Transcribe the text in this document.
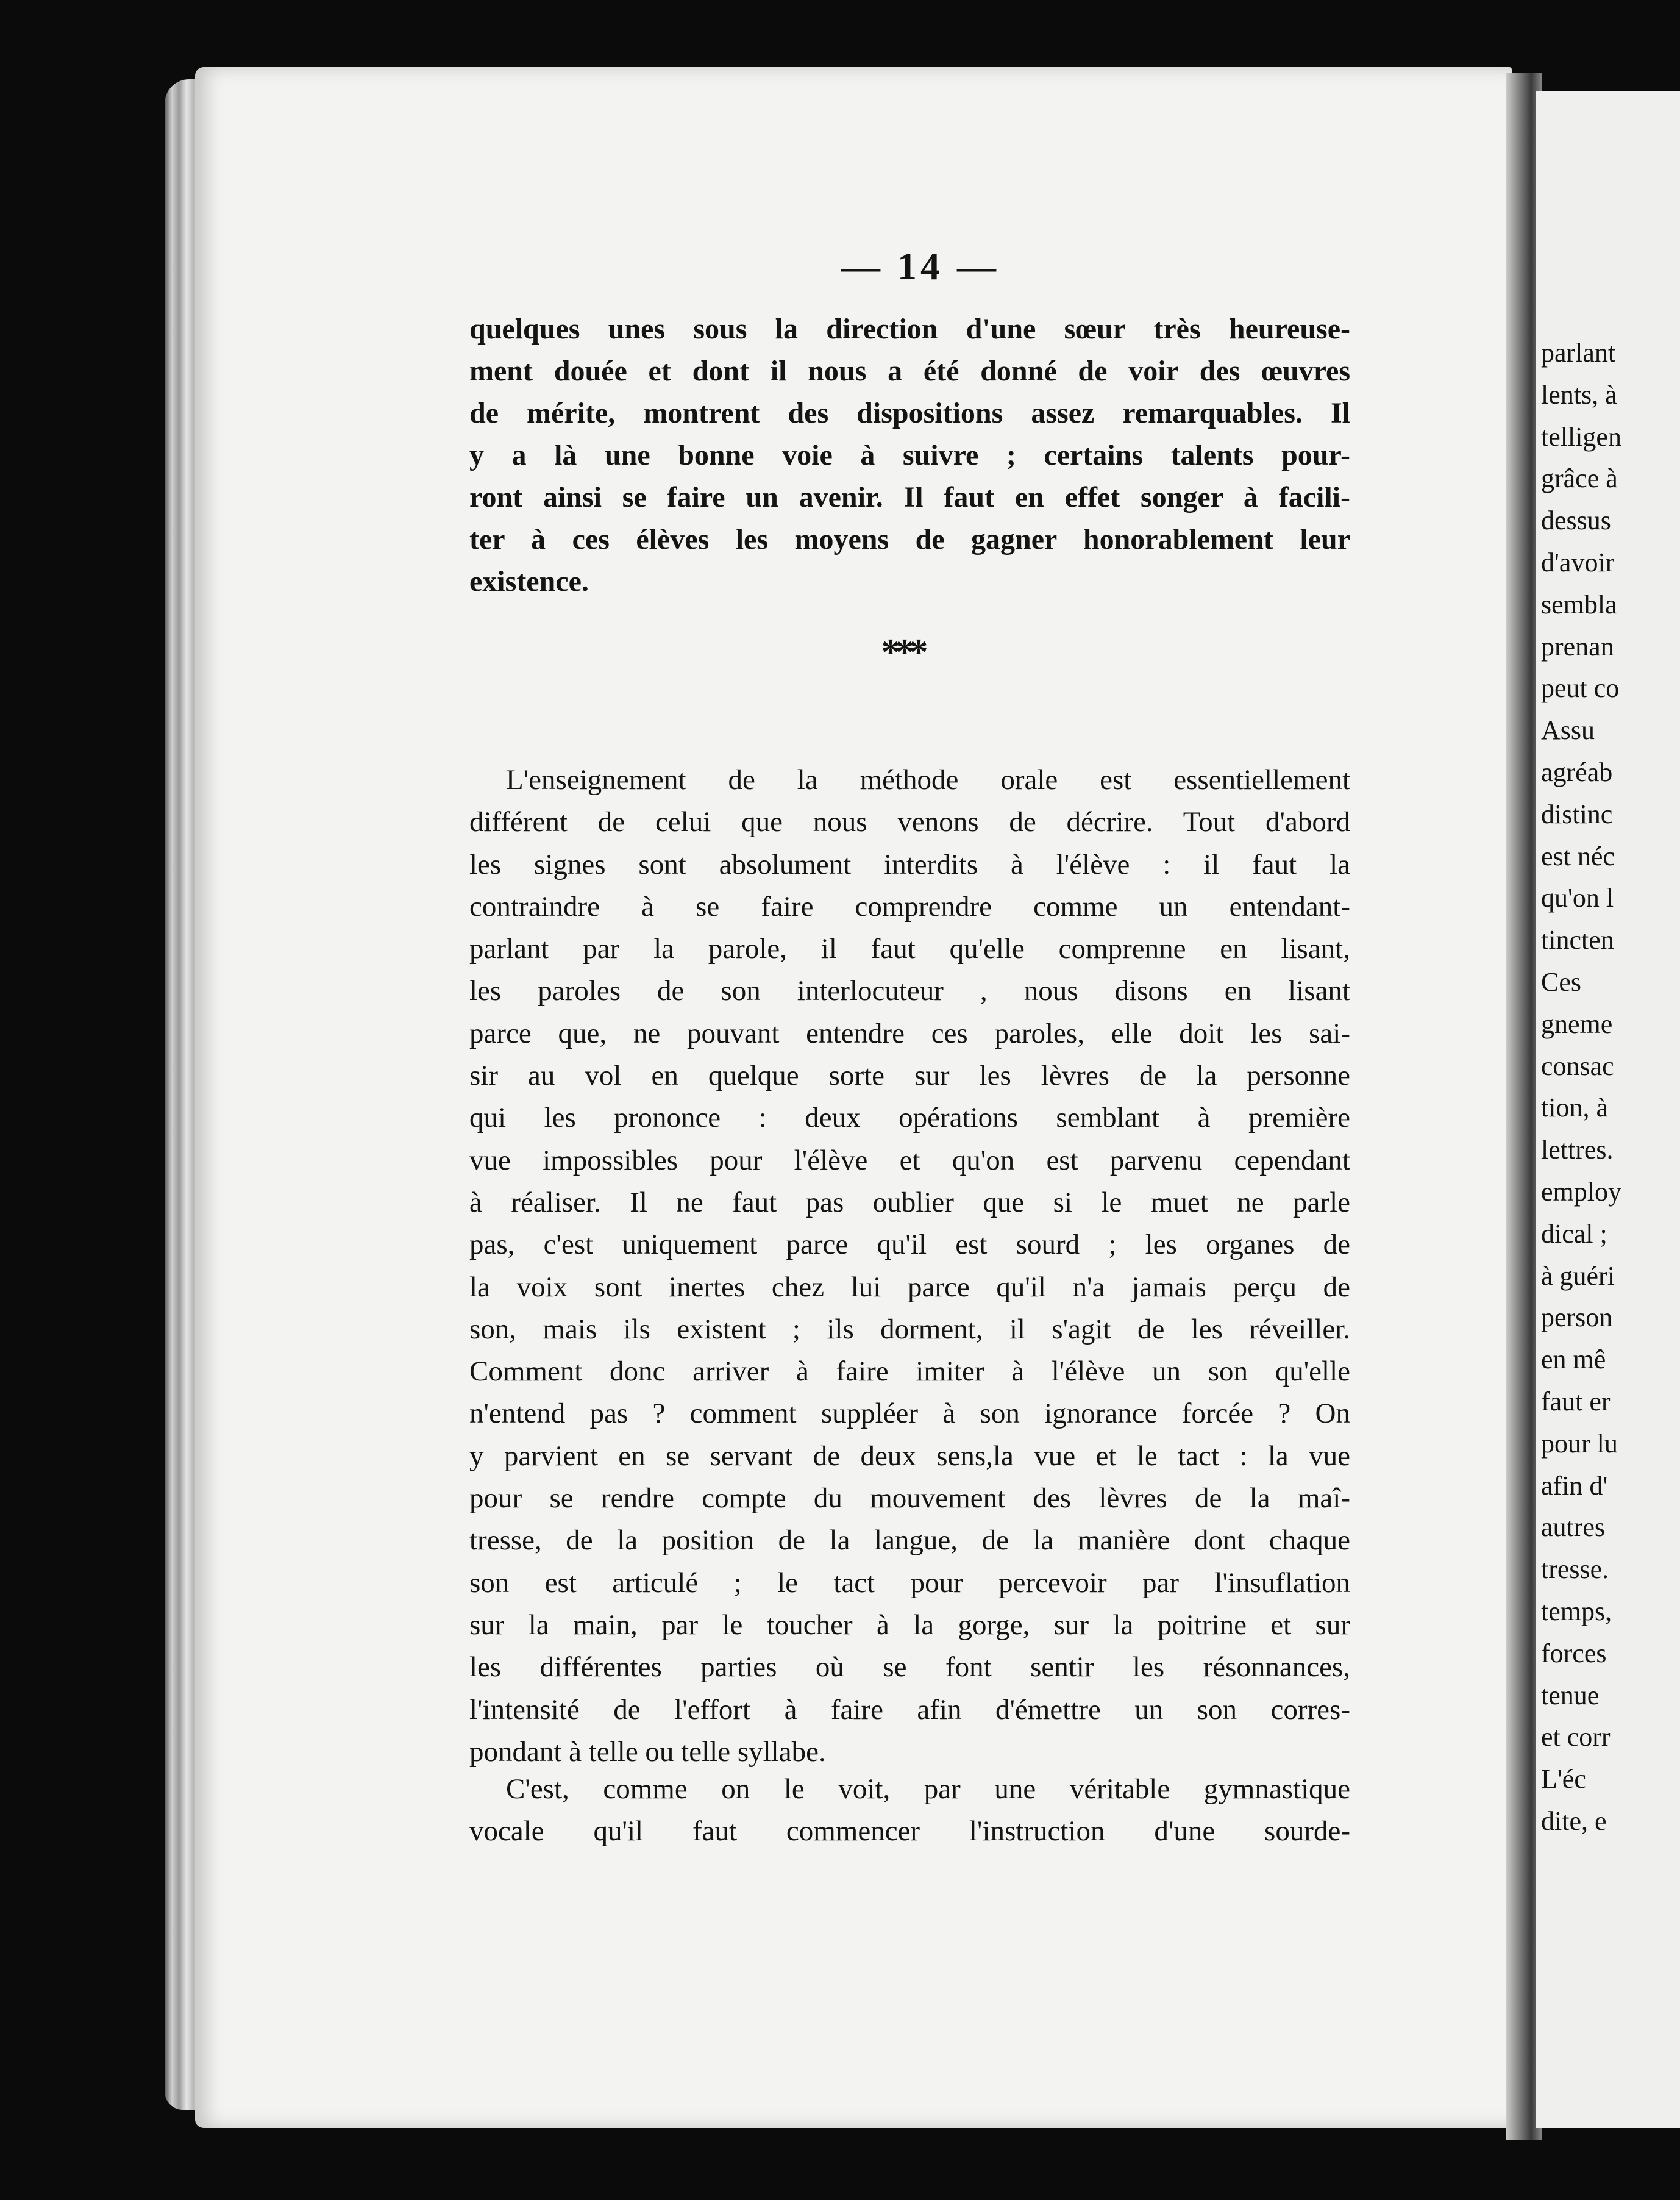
parlant
lents, à
telligen
grâce à
dessus
d'avoir
sembla
prenan
peut co
Assu
agréab
distinc
est néc
qu'on l
tincten
Ces
gneme
consac
tion, à
lettres.
employ
dical ;
à guéri
person
en mê
faut er
pour lu
afin d'
autres
tresse.
temps,
forces
tenue
et corr
L'éc
dite, e
— 14 —
quelques unes sous la direction d'une sœur très heureuse-
ment douée et dont il nous a été donné de voir des œuvres
de mérite, montrent des dispositions assez remarquables. Il
y a là une bonne voie à suivre ; certains talents pour-
ront ainsi se faire un avenir. Il faut en effet songer à facili-
ter à ces élèves les moyens de gagner honorablement leur
existence.
***
L'enseignement de la méthode orale est essentiellement
différent de celui que nous venons de décrire. Tout d'abord
les signes sont absolument interdits à l'élève : il faut la
contraindre à se faire comprendre comme un entendant-
parlant par la parole, il faut qu'elle comprenne en lisant,
les paroles de son interlocuteur , nous disons en lisant
parce que, ne pouvant entendre ces paroles, elle doit les sai-
sir au vol en quelque sorte sur les lèvres de la personne
qui les prononce : deux opérations semblant à première
vue impossibles pour l'élève et qu'on est parvenu cependant
à réaliser. Il ne faut pas oublier que si le muet ne parle
pas, c'est uniquement parce qu'il est sourd ; les organes de
la voix sont inertes chez lui parce qu'il n'a jamais perçu de
son, mais ils existent ; ils dorment, il s'agit de les réveiller.
Comment donc arriver à faire imiter à l'élève un son qu'elle
n'entend pas ? comment suppléer à son ignorance forcée ? On
y parvient en se servant de deux sens,la vue et le tact : la vue
pour se rendre compte du mouvement des lèvres de la maî-
tresse, de la position de la langue, de la manière dont chaque
son est articulé ; le tact pour percevoir par l'insuflation
sur la main, par le toucher à la gorge, sur la poitrine et sur
les différentes parties où se font sentir les résonnances,
l'intensité de l'effort à faire afin d'émettre un son corres-
pondant à telle ou telle syllabe.
C'est, comme on le voit, par une véritable gymnastique
vocale qu'il faut commencer l'instruction d'une sourde-
